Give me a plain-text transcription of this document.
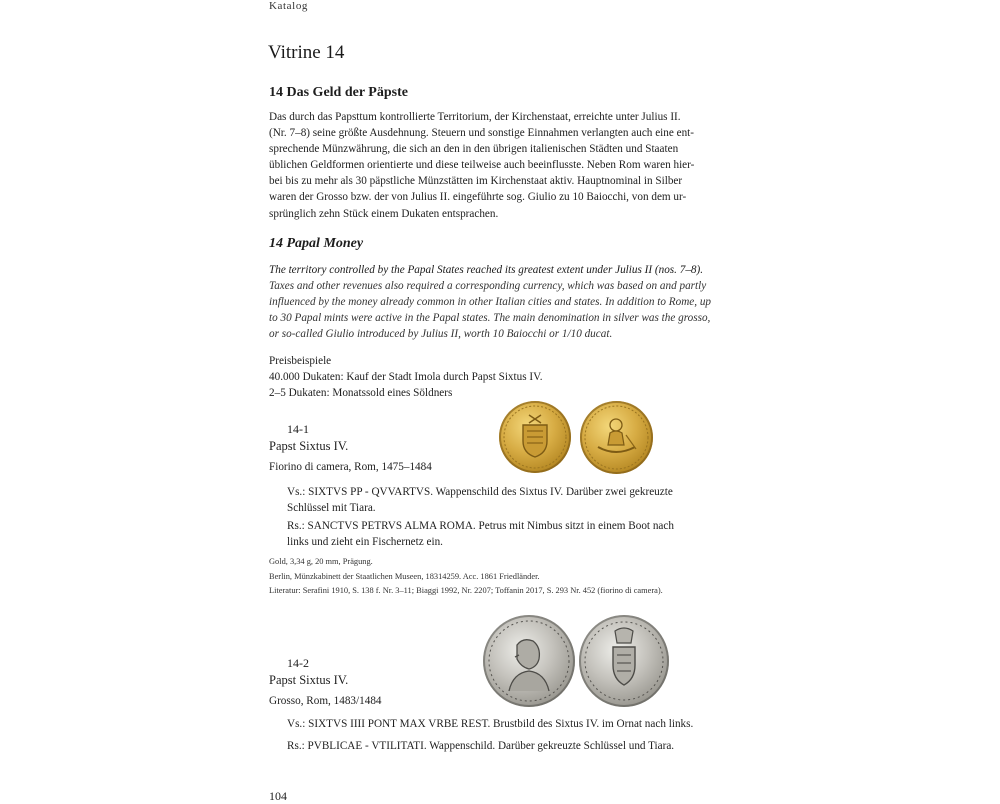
Katalog
Vitrine 14
14 Das Geld der Päpste
Das durch das Papsttum kontrollierte Territorium, der Kirchenstaat, erreichte unter Julius II.
(Nr. 7–8) seine größte Ausdehnung. Steuern und sonstige Einnahmen verlangten auch eine ent-
sprechende Münzwährung, die sich an den in den übrigen italienischen Städten und Staaten
üblichen Geldformen orientierte und diese teilweise auch beeinflusste. Neben Rom waren hier-
bei bis zu mehr als 30 päpstliche Münzstätten im Kirchenstaat aktiv. Hauptnominal in Silber
waren der Grosso bzw. der von Julius II. eingeführte sog. Giulio zu 10 Baiocchi, von dem ur-
sprünglich zehn Stück einem Dukaten entsprachen.
14 Papal Money
The territory controlled by the Papal States reached its greatest extent under Julius II (nos. 7–8).
Taxes and other revenues also required a corresponding currency, which was based on and partly
influenced by the money already common in other Italian cities and states. In addition to Rome, up
to 30 Papal mints were active in the Papal states. The main denomination in silver was the grosso,
or so-called Giulio introduced by Julius II, worth 10 Baiocchi or 1/10 ducat.
Preisbeispiele
40.000 Dukaten: Kauf der Stadt Imola durch Papst Sixtus IV.
2–5 Dukaten: Monatssold eines Söldners
14-1
Papst Sixtus IV.
Fiorino di camera, Rom, 1475–1484
Vs.: SIXTVS PP - QVVARTVS. Wappenschild des Sixtus IV. Darüber zwei gekreuzte
Schlüssel mit Tiara.
Rs.: SANCTVS PETRVS ALMA ROMA. Petrus mit Nimbus sitzt in einem Boot nach
links und zieht ein Fischernetz ein.
Gold, 3,34 g, 20 mm, Prägung.
Berlin, Münzkabinett der Staatlichen Museen, 18314259. Acc. 1861 Friedländer.
Literatur: Serafini 1910, S. 138 f. Nr. 3–11; Biaggi 1992, Nr. 2207; Toffanin 2017, S. 293 Nr. 452 (fiorino di camera).
14-2
Papst Sixtus IV.
Grosso, Rom, 1483/1484
Vs.: SIXTVS IIII PONT MAX VRBE REST. Brustbild des Sixtus IV. im Ornat nach links.
Rs.: PVBLICAE - VTILITATI. Wappenschild. Darüber gekreuzte Schlüssel und Tiara.
104
